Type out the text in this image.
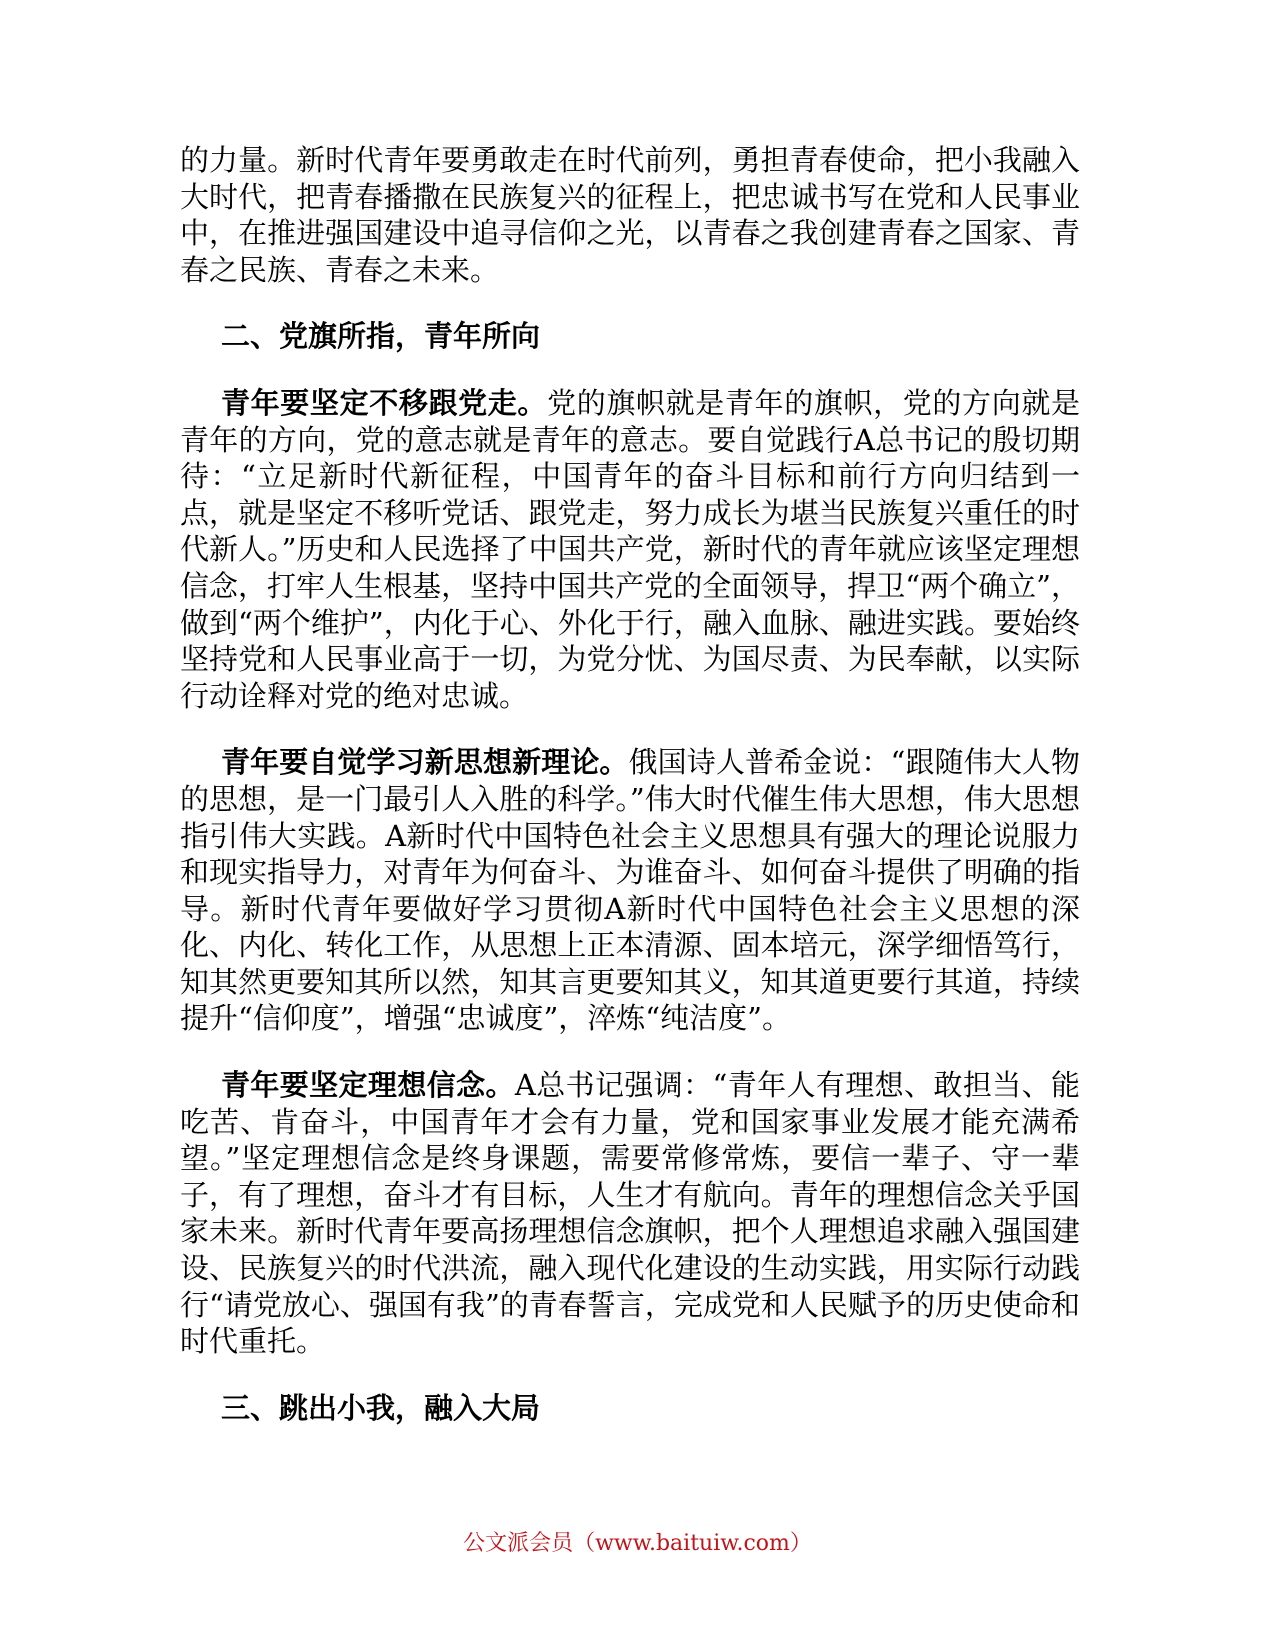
的力量。新时代青年要勇敢走在时代前列，勇担青春使命，把小我融入大时代，把青春播撒在民族复兴的征程上，把忠诚书写在党和人民事业中，在推进强国建设中追寻信仰之光，以青春之我创建青春之国家、青春之民族、青春之未来。

二、党旗所指，青年所向

青年要坚定不移跟党走。党的旗帜就是青年的旗帜，党的方向就是青年的方向，党的意志就是青年的意志。要自觉践行A总书记的殷切期待：“立足新时代新征程，中国青年的奋斗目标和前行方向归结到一点，就是坚定不移听党话、跟党走，努力成长为堪当民族复兴重任的时代新人。”历史和人民选择了中国共产党，新时代的青年就应该坚定理想信念，打牢人生根基，坚持中国共产党的全面领导，捍卫“两个确立”，做到“两个维护”，内化于心、外化于行，融入血脉、融进实践。要始终坚持党和人民事业高于一切，为党分忧、为国尽责、为民奉献，以实际行动诠释对党的绝对忠诚。

青年要自觉学习新思想新理论。俄国诗人普希金说：“跟随伟大人物的思想，是一门最引人入胜的科学。”伟大时代催生伟大思想，伟大思想指引伟大实践。A新时代中国特色社会主义思想具有强大的理论说服力和现实指导力，对青年为何奋斗、为谁奋斗、如何奋斗提供了明确的指导。新时代青年要做好学习贯彻A新时代中国特色社会主义思想的深化、内化、转化工作，从思想上正本清源、固本培元，深学细悟笃行，知其然更要知其所以然，知其言更要知其义，知其道更要行其道，持续提升“信仰度”，增强“忠诚度”，淬炼“纯洁度”。

青年要坚定理想信念。A总书记强调：“青年人有理想、敢担当、能吃苦、肯奋斗，中国青年才会有力量，党和国家事业发展才能充满希望。”坚定理想信念是终身课题，需要常修常炼，要信一辈子、守一辈子，有了理想，奋斗才有目标，人生才有航向。青年的理想信念关乎国家未来。新时代青年要高扬理想信念旗帜，把个人理想追求融入强国建设、民族复兴的时代洪流，融入现代化建设的生动实践，用实际行动践行“请党放心、强国有我”的青春誓言，完成党和人民赋予的历史使命和时代重托。

三、跳出小我，融入大局

公文派会员（www.baituiw.com）
